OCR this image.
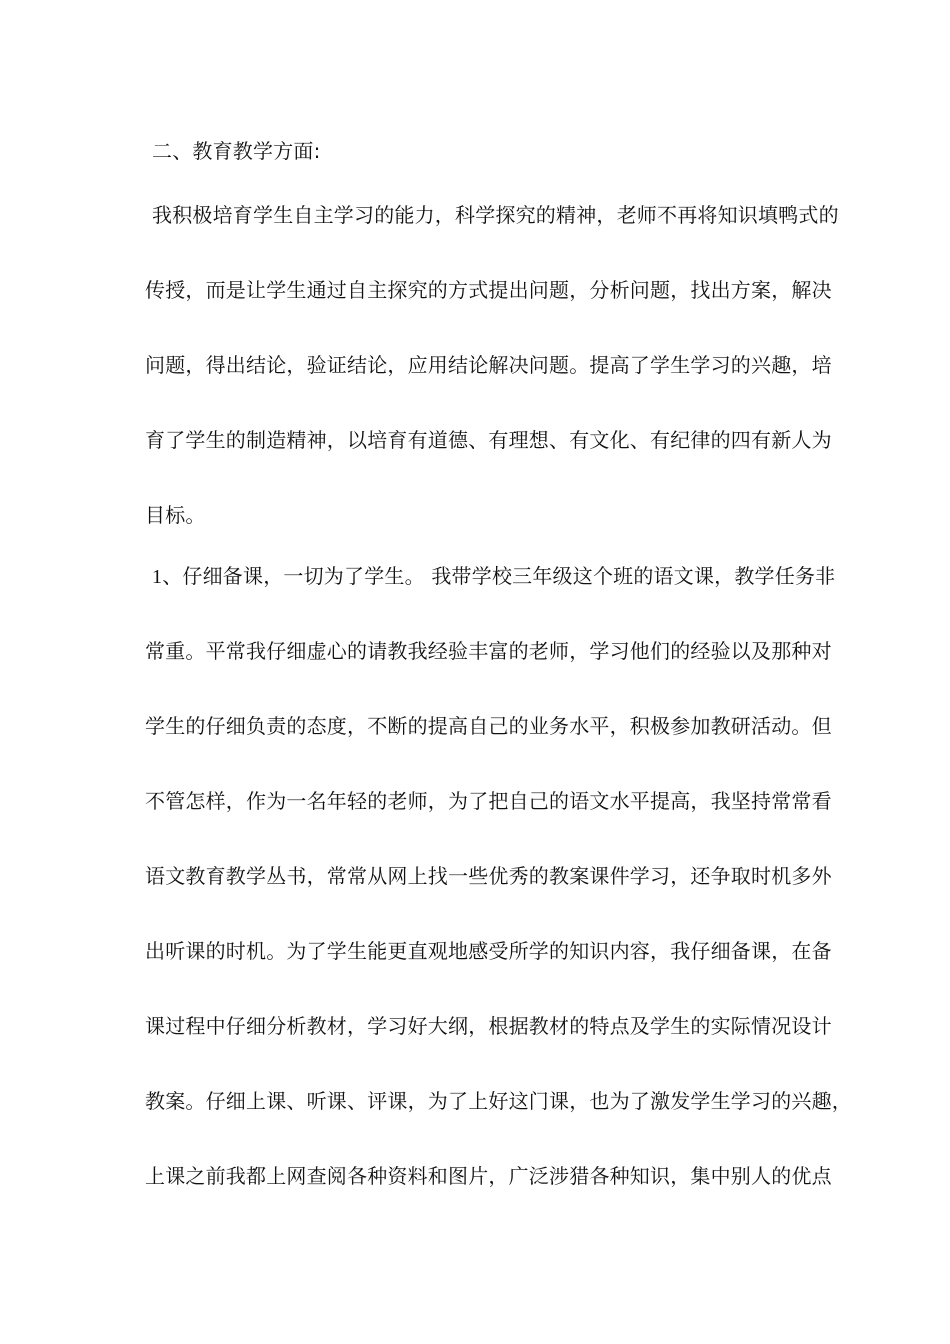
二、教育教学方面:
我积极培育学生自主学习的能力，科学探究的精神，老师不再将知识填鸭式的
传授，而是让学生通过自主探究的方式提出问题，分析问题，找出方案，解决
问题，得出结论，验证结论，应用结论解决问题。提高了学生学习的兴趣，培
育了学生的制造精神，以培育有道德、有理想、有文化、有纪律的四有新人为
目标。
1、仔细备课，一切为了学生。 我带学校三年级这个班的语文课，教学任务非
常重。平常我仔细虚心的请教我经验丰富的老师，学习他们的经验以及那种对
学生的仔细负责的态度，不断的提高自己的业务水平，积极参加教研活动。但
不管怎样，作为一名年轻的老师，为了把自己的语文水平提高，我坚持常常看
语文教育教学丛书，常常从网上找一些优秀的教案课件学习，还争取时机多外
出听课的时机。为了学生能更直观地感受所学的知识内容，我仔细备课，在备
课过程中仔细分析教材，学习好大纲，根据教材的特点及学生的实际情况设计
教案。仔细上课、听课、评课，为了上好这门课，也为了激发学生学习的兴趣，
上课之前我都上网查阅各种资料和图片，广泛涉猎各种知识，集中别人的优点
